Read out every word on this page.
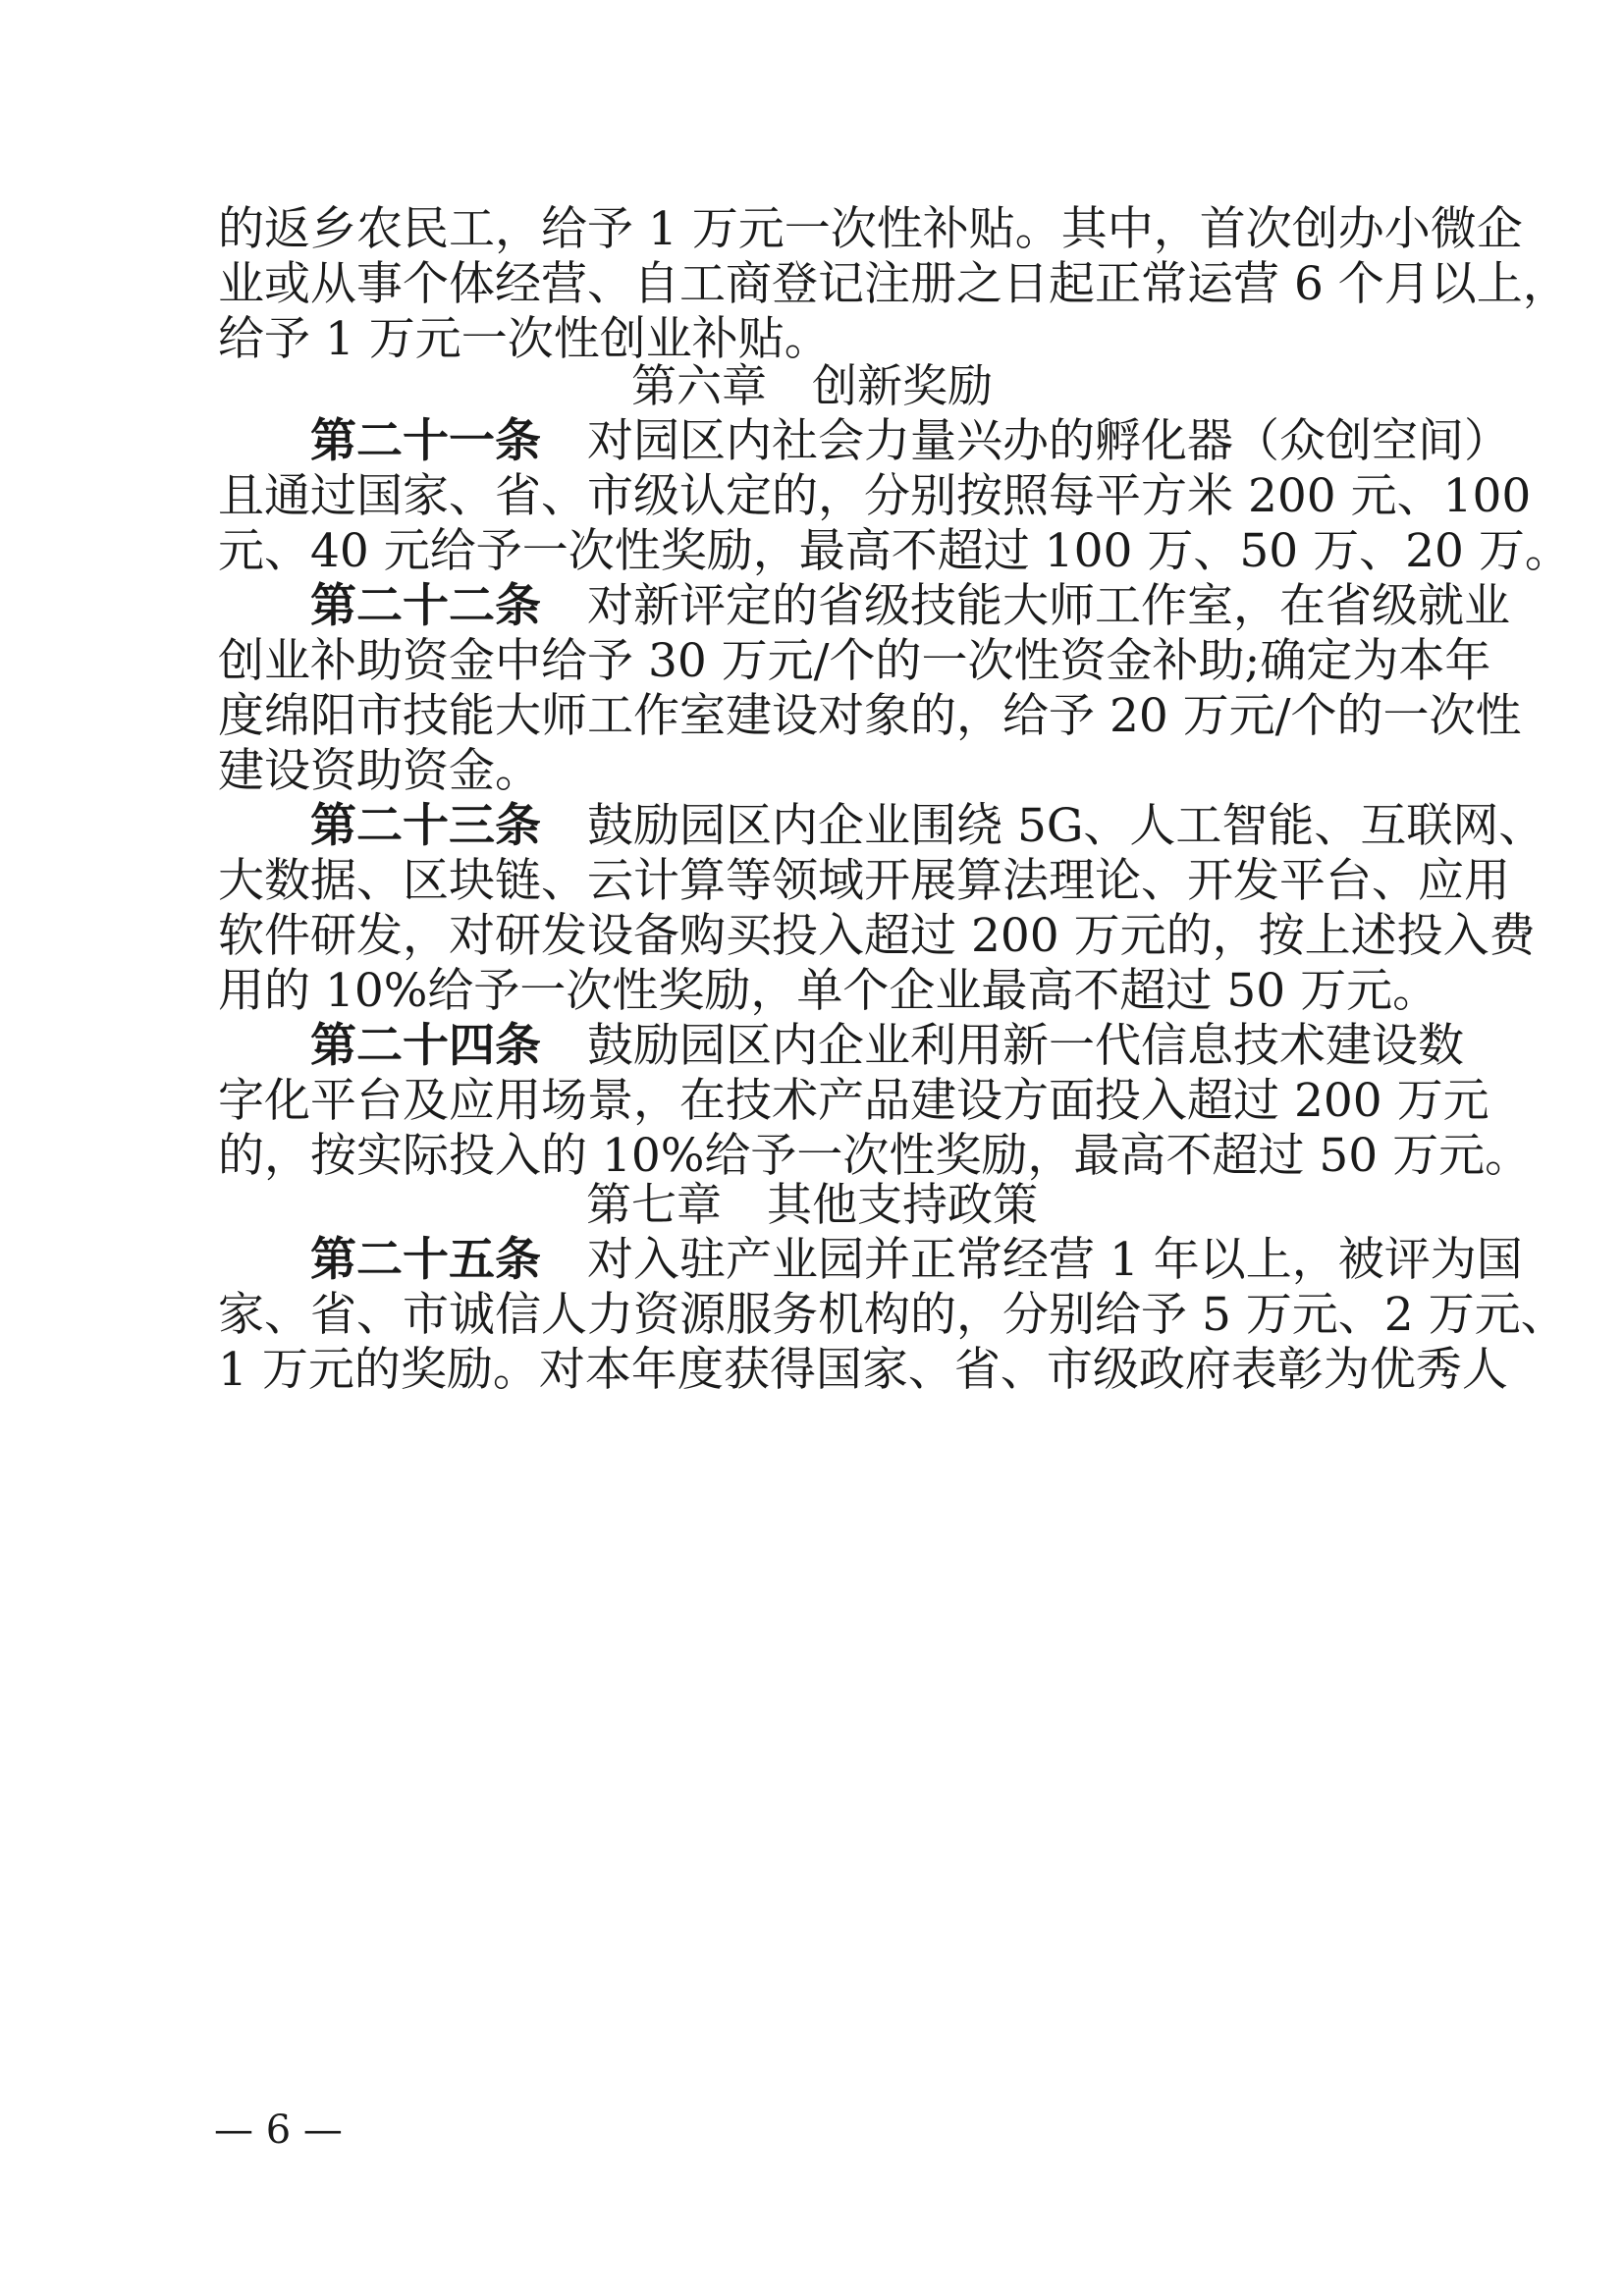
的返乡农民工，给予 1 万元一次性补贴。其中，首次创办小微企
业或从事个体经营、自工商登记注册之日起正常运营 6 个月以上，
给予 1 万元一次性创业补贴。
第六章　创新奖励
第二十一条　对园区内社会力量兴办的孵化器（众创空间）
且通过国家、省、市级认定的，分别按照每平方米 200 元、100
元、40 元给予一次性奖励，最高不超过 100 万、50 万、20 万。
第二十二条　对新评定的省级技能大师工作室，在省级就业
创业补助资金中给予 30 万元/个的一次性资金补助;确定为本年
度绵阳市技能大师工作室建设对象的，给予 20 万元/个的一次性
建设资助资金。
第二十三条　鼓励园区内企业围绕 5G、人工智能、互联网、
大数据、区块链、云计算等领域开展算法理论、开发平台、应用
软件研发，对研发设备购买投入超过 200 万元的，按上述投入费
用的 10%给予一次性奖励，单个企业最高不超过 50 万元。
第二十四条　鼓励园区内企业利用新一代信息技术建设数
字化平台及应用场景，在技术产品建设方面投入超过 200 万元
的，按实际投入的 10%给予一次性奖励，最高不超过 50 万元。
第七章　其他支持政策
第二十五条　对入驻产业园并正常经营 1 年以上，被评为国
家、省、市诚信人力资源服务机构的，分别给予 5 万元、2 万元、
1 万元的奖励。对本年度获得国家、省、市级政府表彰为优秀人
— 6 —
